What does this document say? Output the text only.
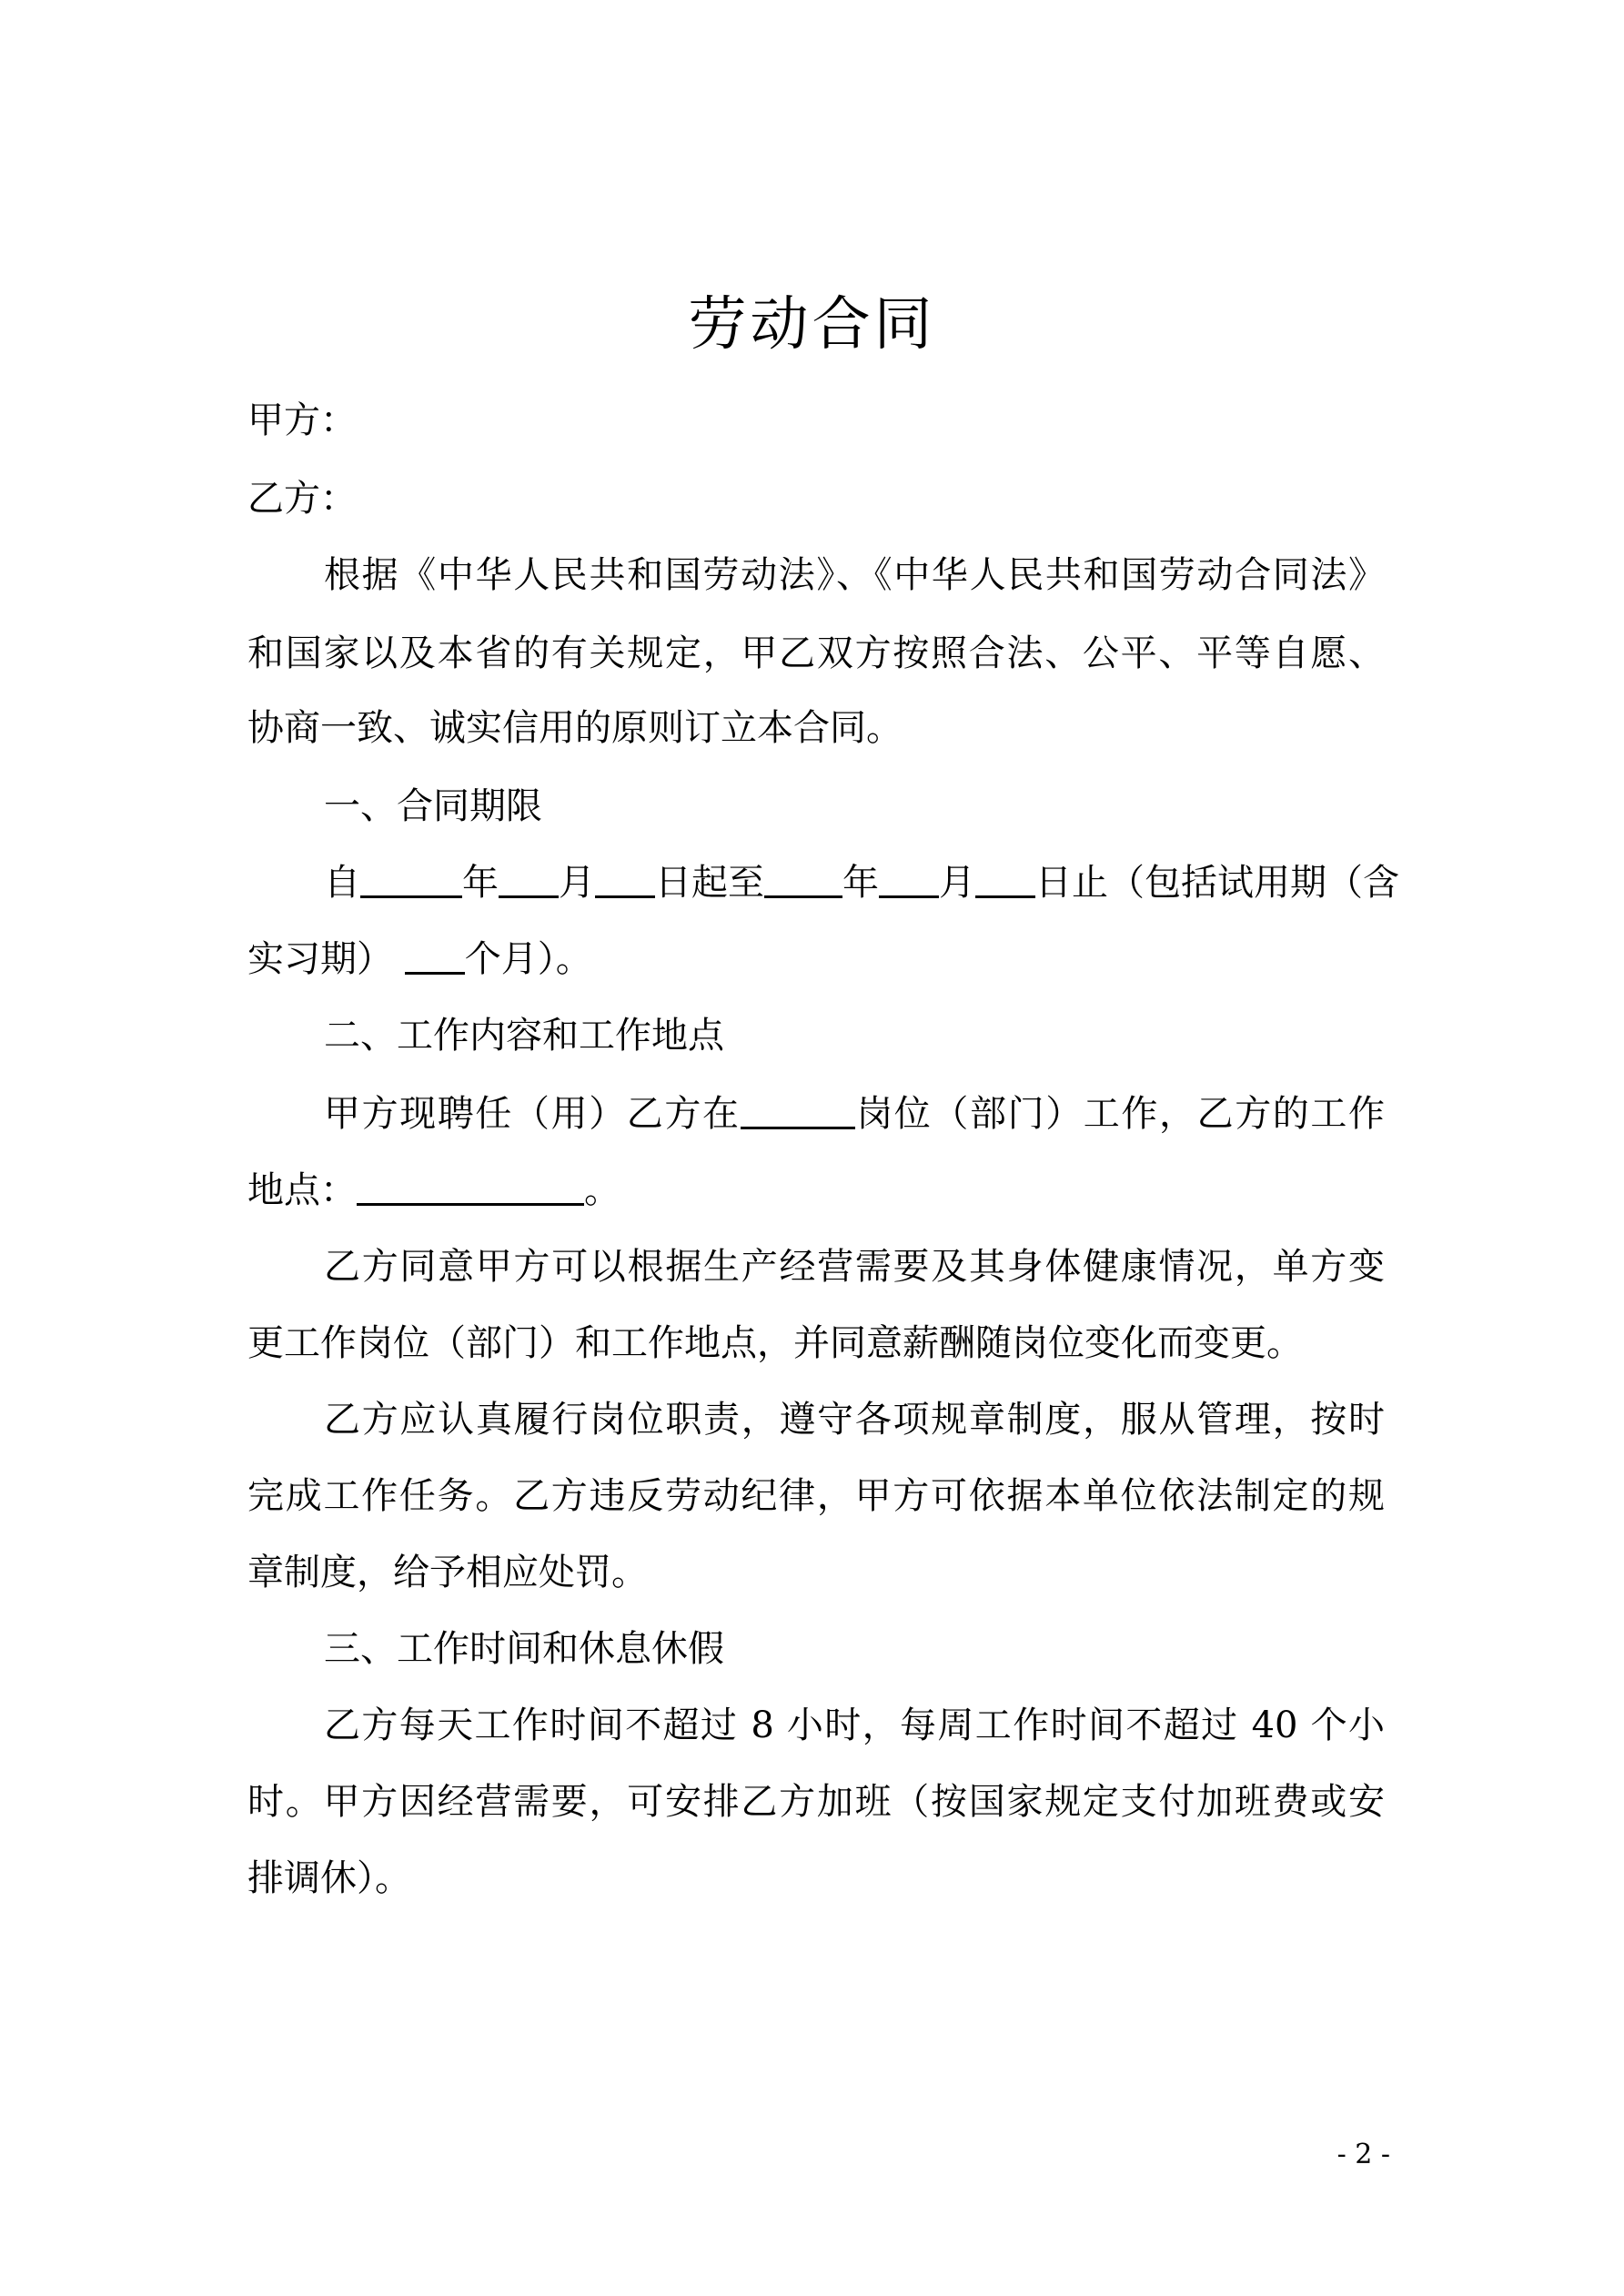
劳动合同
甲方：
乙方：
根据《中华人民共和国劳动法》、《中华人民共和国劳动合同法》
和国家以及本省的有关规定，甲乙双方按照合法、公平、平等自愿、
协商一致、诚实信用的原则订立本合同。
一、合同期限
自	年 月 日起至 年 月 日止（包括试用期（含
实习期） 个月）。
二、工作内容和工作地点
甲方现聘任（用）乙方在	岗位（部门）工作，乙方的工作
地点：	。
乙方同意甲方可以根据生产经营需要及其身体健康情况，单方变
更工作岗位（部门）和工作地点，并同意薪酬随岗位变化而变更。
乙方应认真履行岗位职责，遵守各项规章制度，服从管理，按时
完成工作任务。乙方违反劳动纪律，甲方可依据本单位依法制定的规
章制度，给予相应处罚。
三、工作时间和休息休假
乙方每天工作时间不超过 8 小时，每周工作时间不超过 40 个小
时。甲方因经营需要，可安排乙方加班（按国家规定支付加班费或安
排调休）。
- 2 -
